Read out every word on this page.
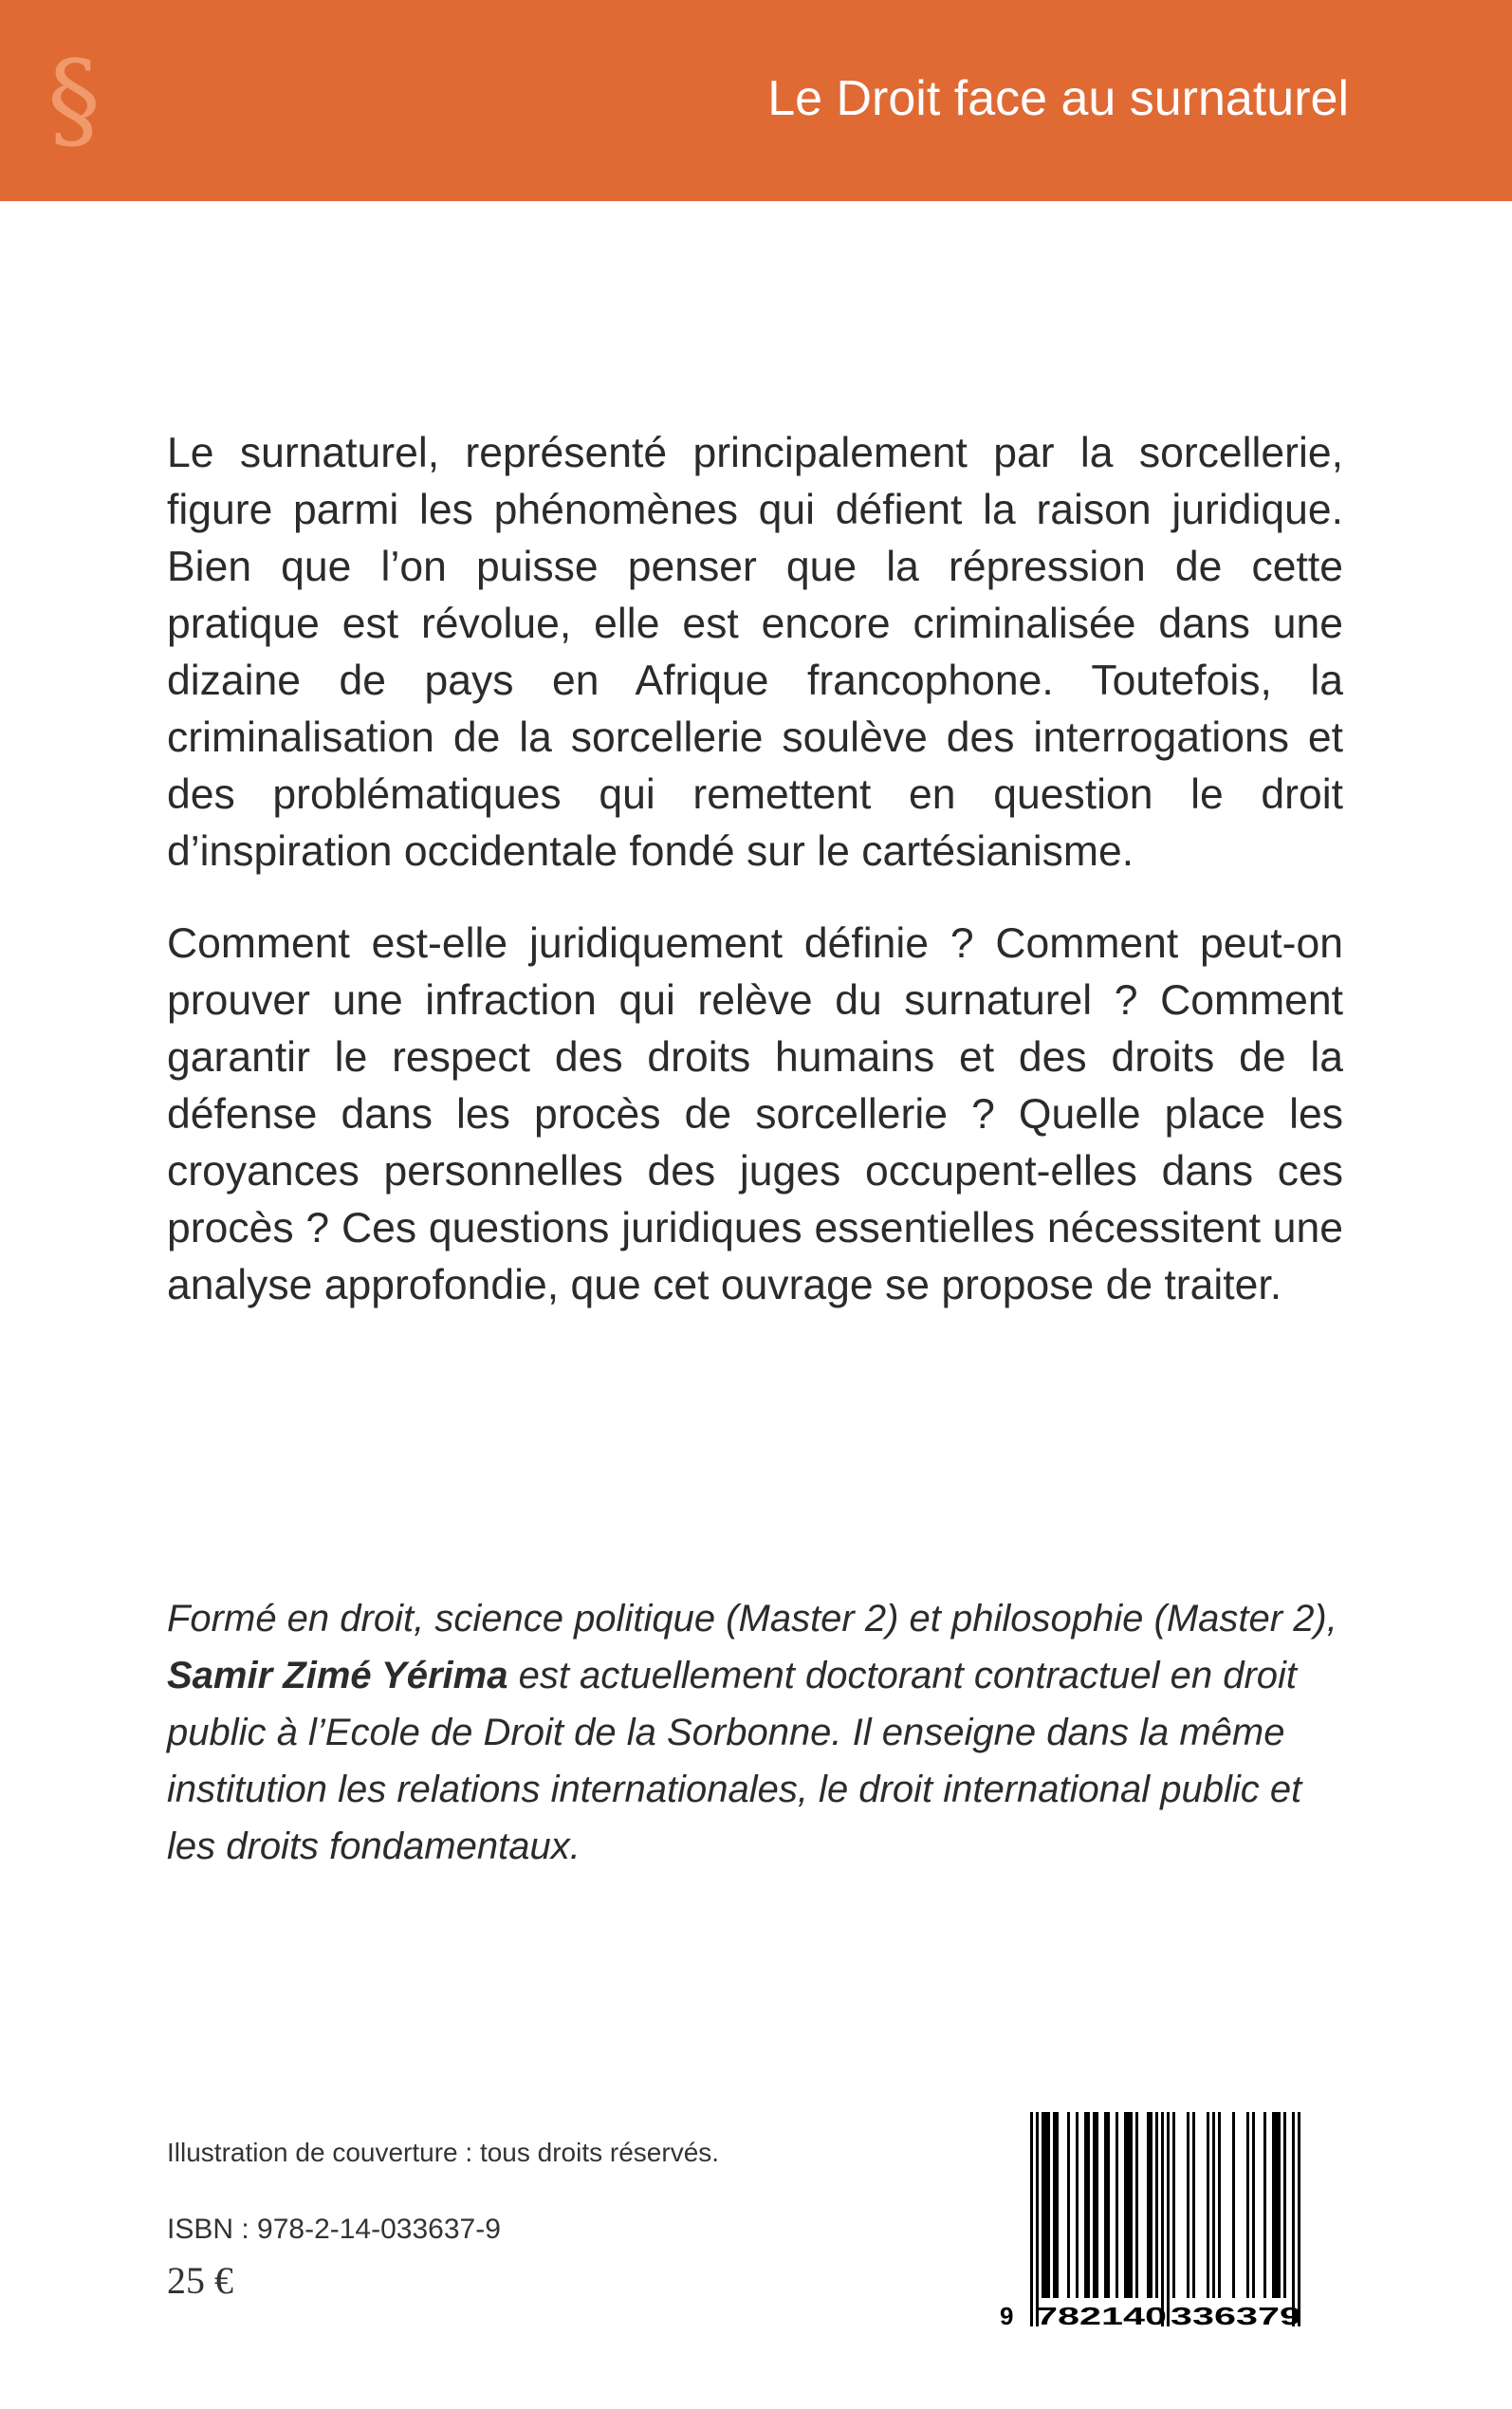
§	Le Droit face au surnaturel

Le surnaturel, représenté principalement par la sorcellerie, figure parmi les phénomènes qui défient la raison juridique. Bien que l’on puisse penser que la répression de cette pratique est révolue, elle est encore criminalisée dans une dizaine de pays en Afrique francophone. Toutefois, la criminalisation de la sorcellerie soulève des interrogations et des problématiques qui remettent en question le droit d’inspiration occidentale fondé sur le cartésianisme.

Comment est-elle juridiquement définie ? Comment peut-on prouver une infraction qui relève du surnaturel ? Comment garantir le respect des droits humains et des droits de la défense dans les procès de sorcellerie ? Quelle place les croyances personnelles des juges occupent-elles dans ces procès ? Ces questions juridiques essentielles nécessitent une analyse approfondie, que cet ouvrage se propose de traiter.

Formé en droit, science politique (Master 2) et philosophie (Master 2),
Samir Zimé Yérima est actuellement doctorant contractuel en droit public à l’Ecole de Droit de la Sorbonne. Il enseigne dans la même institution les relations internationales, le droit international public et les droits fondamentaux.

Illustration de couverture : tous droits réservés.
ISBN : 978-2-14-033637-9
25 €
9 782140 336379
